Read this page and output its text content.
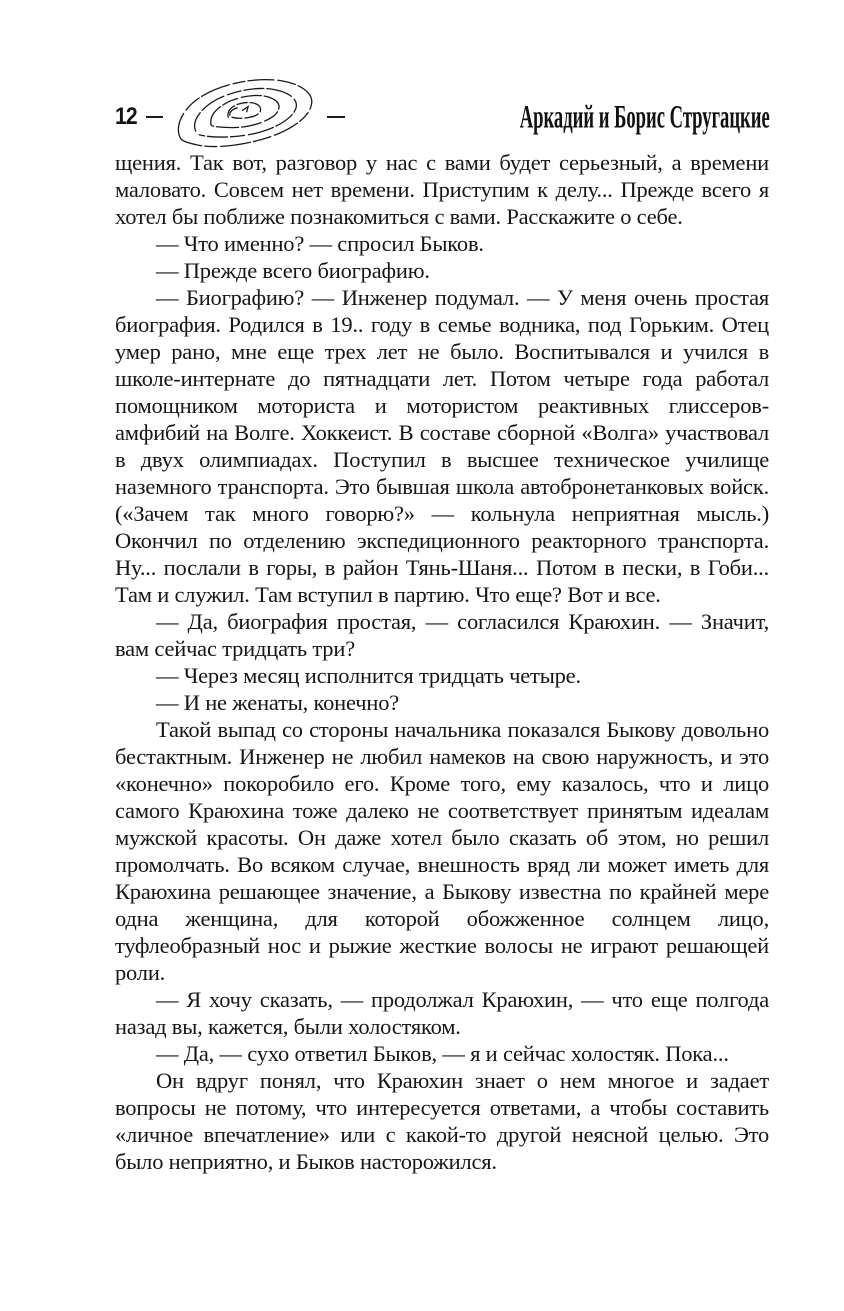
12	Аркадий и Борис Стругацкие

щения. Так вот, разговор у нас с вами будет серьезный, а времени маловато. Совсем нет времени. Приступим к делу... Прежде всего я хотел бы поближе познакомиться с вами. Расскажите о себе.

— Что именно? — спросил Быков.

— Прежде всего биографию.

— Биографию? — Инженер подумал. — У меня очень простая биография. Родился в 19.. году в семье водника, под Горьким. Отец умер рано, мне еще трех лет не было. Воспитывался и учился в школе-интернате до пятнадцати лет. Потом четыре года работал помощником моториста и мотористом реактивных глиссеров-амфибий на Волге. Хоккеист. В составе сборной «Волга» участвовал в двух олимпиадах. Поступил в высшее техническое училище наземного транспорта. Это бывшая школа автобронетанковых войск. («Зачем так много говорю?» — кольнула неприятная мысль.) Окончил по отделению экспедиционного реакторного транспорта. Ну... послали в горы, в район Тянь-Шаня... Потом в пески, в Гоби... Там и служил. Там вступил в партию. Что еще? Вот и все.

— Да, биография простая, — согласился Краюхин. — Значит, вам сейчас тридцать три?

— Через месяц исполнится тридцать четыре.

— И не женаты, конечно?

Такой выпад со стороны начальника показался Быкову довольно бестактным. Инженер не любил намеков на свою наружность, и это «конечно» покоробило его. Кроме того, ему казалось, что и лицо самого Краюхина тоже далеко не соответствует принятым идеалам мужской красоты. Он даже хотел было сказать об этом, но решил промолчать. Во всяком случае, внешность вряд ли может иметь для Краюхина решающее значение, а Быкову известна по крайней мере одна женщина, для которой обожженное солнцем лицо, туфлеобразный нос и рыжие жесткие волосы не играют решающей роли.

— Я хочу сказать, — продолжал Краюхин, — что еще полгода назад вы, кажется, были холостяком.

— Да, — сухо ответил Быков, — я и сейчас холостяк. Пока...

Он вдруг понял, что Краюхин знает о нем многое и задает вопросы не потому, что интересуется ответами, а чтобы составить «личное впечатление» или с какой-то другой неясной целью. Это было неприятно, и Быков насторожился.
